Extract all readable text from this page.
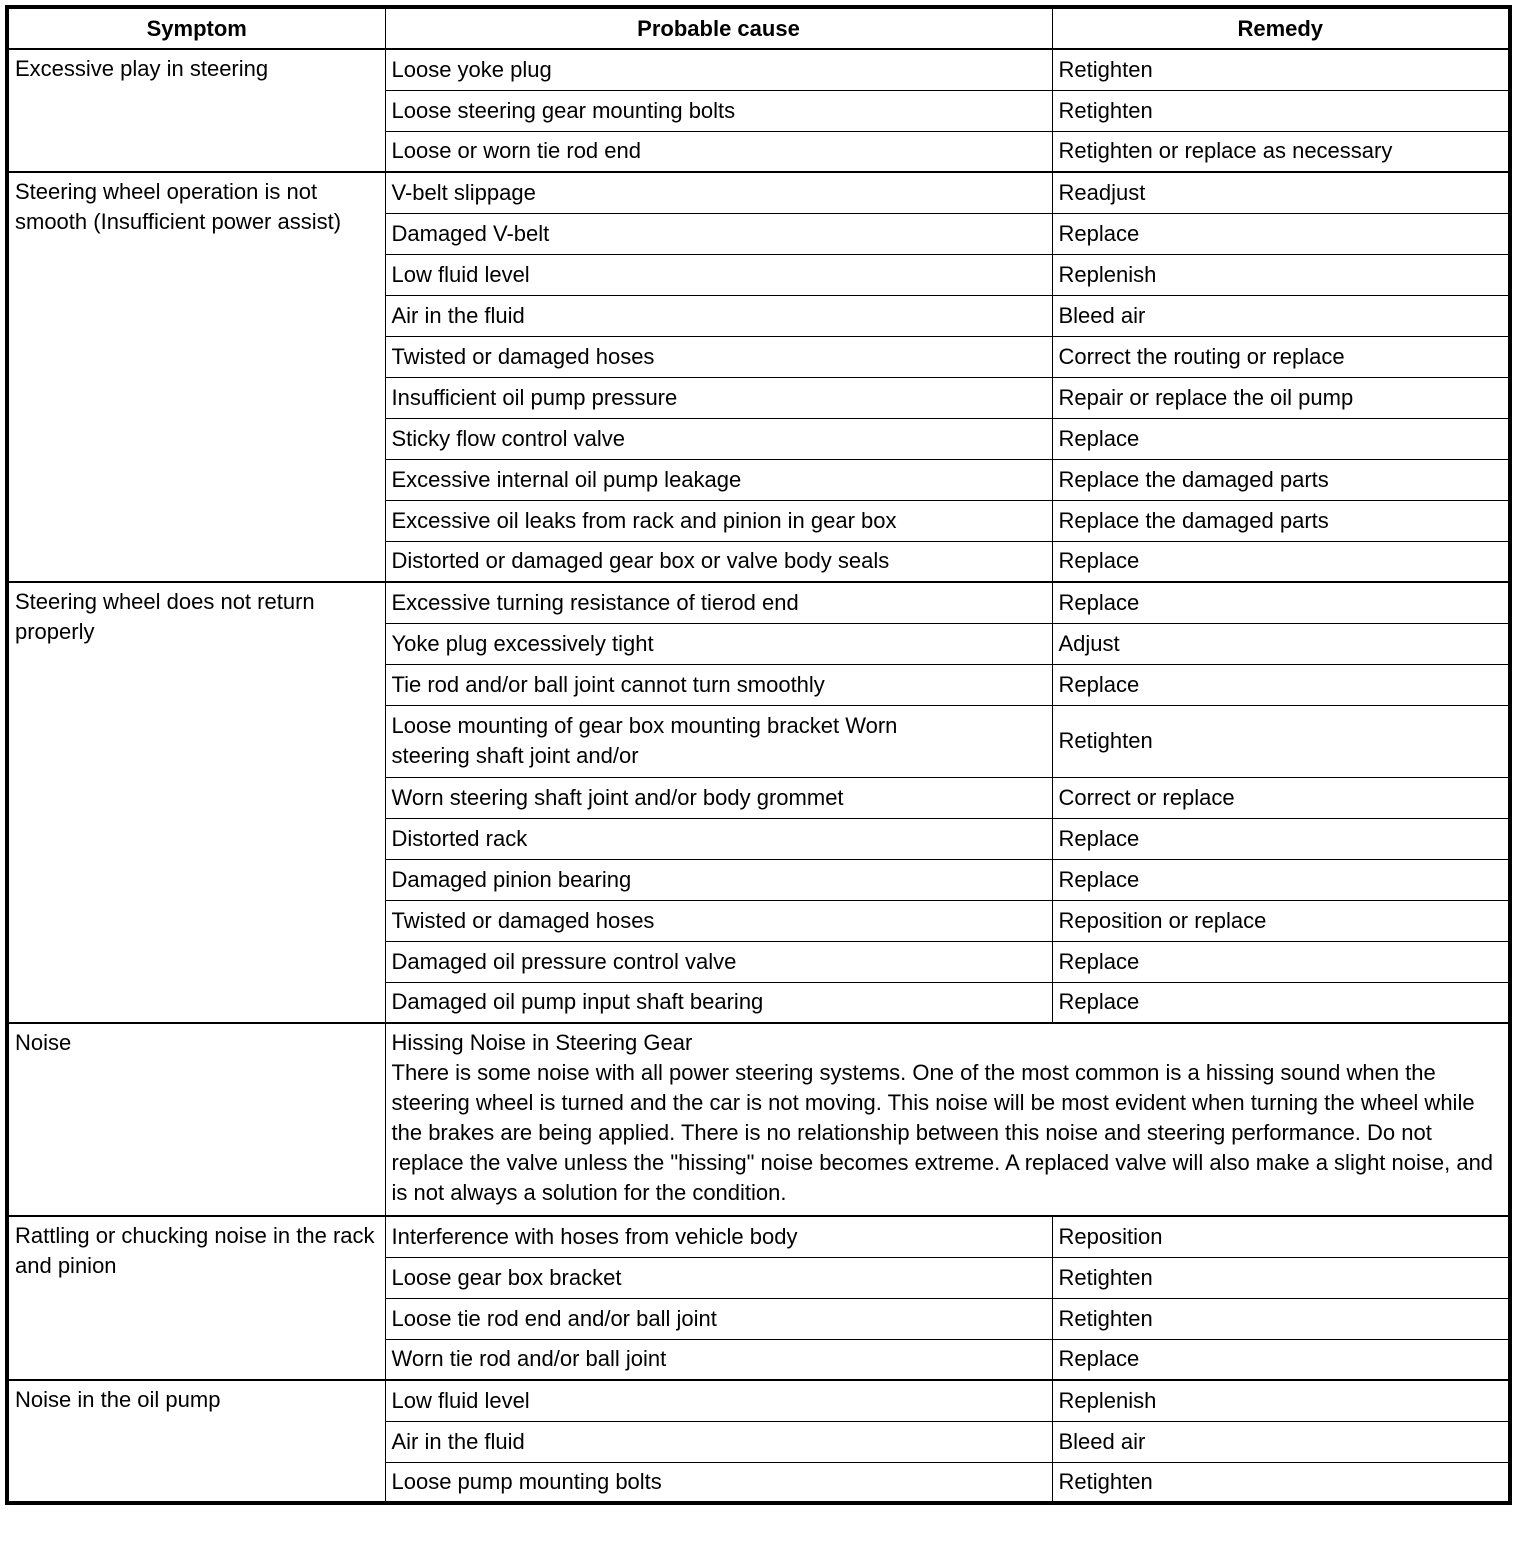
Symptom	Probable cause	Remedy
Excessive play in steering	Loose yoke plug	Retighten
	Loose steering gear mounting bolts	Retighten
	Loose or worn tie rod end	Retighten or replace as necessary
Steering wheel operation is not smooth (Insufficient power assist)	V-belt slippage	Readjust
	Damaged V-belt	Replace
	Low fluid level	Replenish
	Air in the fluid	Bleed air
	Twisted or damaged hoses	Correct the routing or replace
	Insufficient oil pump pressure	Repair or replace the oil pump
	Sticky flow control valve	Replace
	Excessive internal oil pump leakage	Replace the damaged parts
	Excessive oil leaks from rack and pinion in gear box	Replace the damaged parts
	Distorted or damaged gear box or valve body seals	Replace
Steering wheel does not return properly	Excessive turning resistance of tierod end	Replace
	Yoke plug excessively tight	Adjust
	Tie rod and/or ball joint cannot turn smoothly	Replace
	Loose mounting of gear box mounting bracket Worn steering shaft joint and/or	Retighten
	Worn steering shaft joint and/or body grommet	Correct or replace
	Distorted rack	Replace
	Damaged pinion bearing	Replace
	Twisted or damaged hoses	Reposition or replace
	Damaged oil pressure control valve	Replace
	Damaged oil pump input shaft bearing	Replace
Noise	Hissing Noise in Steering Gear
There is some noise with all power steering systems. One of the most common is a hissing sound when the steering wheel is turned and the car is not moving. This noise will be most evident when turning the wheel while the brakes are being applied. There is no relationship between this noise and steering performance. Do not replace the valve unless the "hissing" noise becomes extreme. A replaced valve will also make a slight noise, and is not always a solution for the condition.	

Rattling or chucking noise in the rack and pinion	Interference with hoses from vehicle body	Reposition
	Loose gear box bracket	Retighten
	Loose tie rod end and/or ball joint	Retighten
	Worn tie rod and/or ball joint	Replace
Noise in the oil pump	Low fluid level	Replenish
	Air in the fluid	Bleed air
	Loose pump mounting bolts	Retighten
